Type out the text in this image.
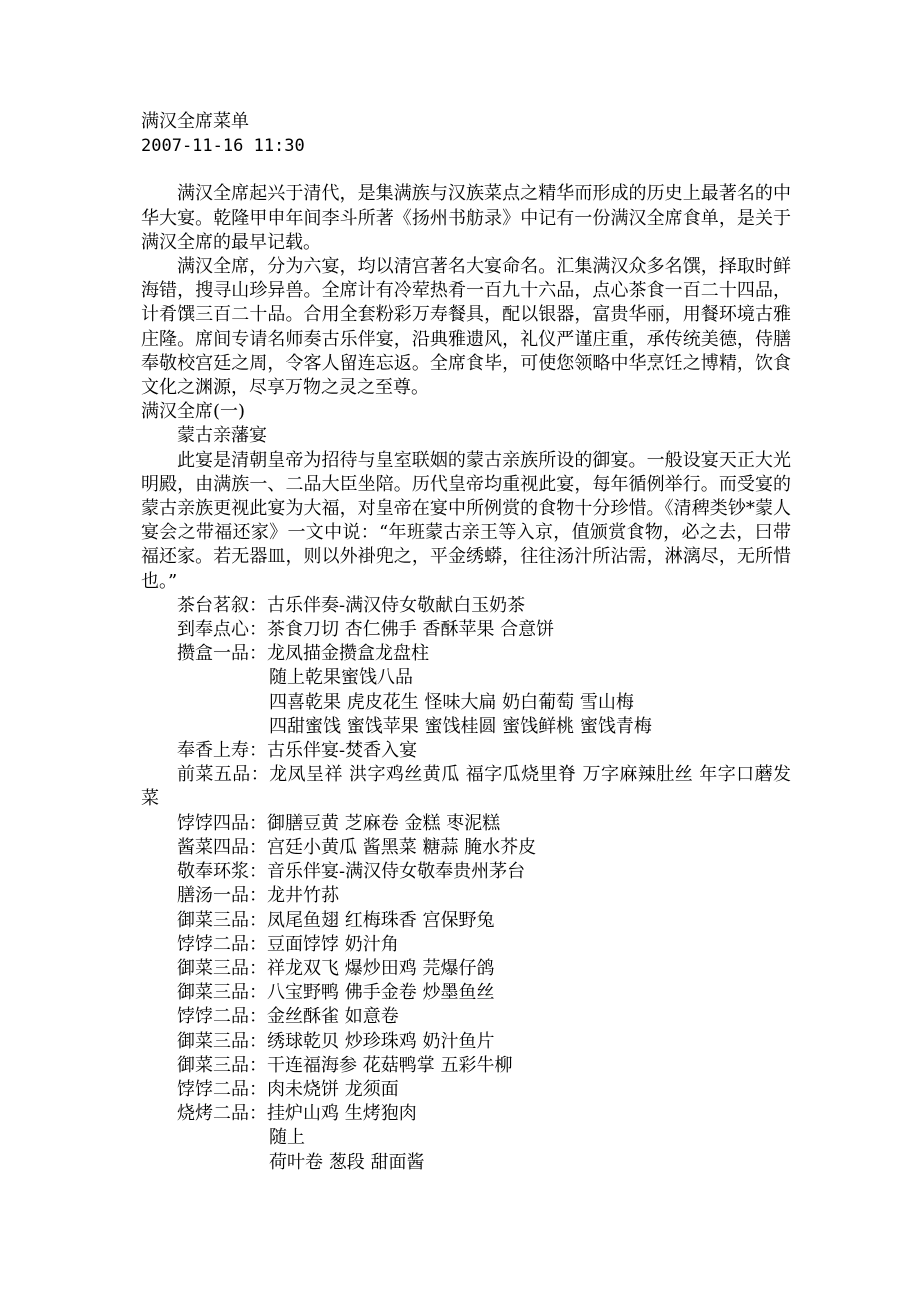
满汉全席菜单
2007-11-16 11:30

满汉全席起兴于清代，是集满族与汉族菜点之精华而形成的历史上最著名的中华大宴。乾隆甲申年间李斗所著《扬州书舫录》中记有一份满汉全席食单，是关于满汉全席的最早记载。

满汉全席，分为六宴，均以清宫著名大宴命名。汇集满汉众多名馔，择取时鲜海错，搜寻山珍异兽。全席计有冷荤热肴一百九十六品，点心茶食一百二十四品，计肴馔三百二十品。合用全套粉彩万寿餐具，配以银器，富贵华丽，用餐环境古雅庄隆。席间专请名师奏古乐伴宴，沿典雅遗风，礼仪严谨庄重，承传统美德，侍膳奉敬校宫廷之周，令客人留连忘返。全席食毕，可使您领略中华烹饪之博精，饮食文化之渊源，尽享万物之灵之至尊。

满汉全席(一)
蒙古亲藩宴

此宴是清朝皇帝为招待与皇室联姻的蒙古亲族所设的御宴。一般设宴天正大光明殿，由满族一、二品大臣坐陪。历代皇帝均重视此宴，每年循例举行。而受宴的蒙古亲族更视此宴为大福，对皇帝在宴中所例赏的食物十分珍惜。《清稗类钞*蒙人宴会之带福还家》一文中说：“年班蒙古亲王等入京，值颁赏食物，必之去，曰带福还家。若无器皿，则以外褂兜之，平金绣蟒，往往汤汁所沾需，淋漓尽，无所惜也。”

茶台茗叙：古乐伴奏-满汉侍女敬献白玉奶茶
到奉点心：茶食刀切 杏仁佛手 香酥苹果 合意饼
攒盒一品：龙凤描金攒盒龙盘柱
随上乾果蜜饯八品
四喜乾果 虎皮花生 怪味大扁 奶白葡萄 雪山梅
四甜蜜饯 蜜饯苹果 蜜饯桂圆 蜜饯鲜桃 蜜饯青梅
奉香上寿：古乐伴宴-焚香入宴
前菜五品：龙凤呈祥 洪字鸡丝黄瓜 福字瓜烧里脊 万字麻辣肚丝 年字口蘑发菜
饽饽四品：御膳豆黄 芝麻卷 金糕 枣泥糕
酱菜四品：宫廷小黄瓜 酱黑菜 糖蒜 腌水芥皮
敬奉环浆：音乐伴宴-满汉侍女敬奉贵州茅台
膳汤一品：龙井竹荪
御菜三品：凤尾鱼翅 红梅珠香 宫保野兔
饽饽二品：豆面饽饽 奶汁角
御菜三品：祥龙双飞 爆炒田鸡 芫爆仔鸽
御菜三品：八宝野鸭 佛手金卷 炒墨鱼丝
饽饽二品：金丝酥雀 如意卷
御菜三品：绣球乾贝 炒珍珠鸡 奶汁鱼片
御菜三品：干连福海参 花菇鸭掌 五彩牛柳
饽饽二品：肉未烧饼 龙须面
烧烤二品：挂炉山鸡 生烤狍肉
随上
荷叶卷 葱段 甜面酱
